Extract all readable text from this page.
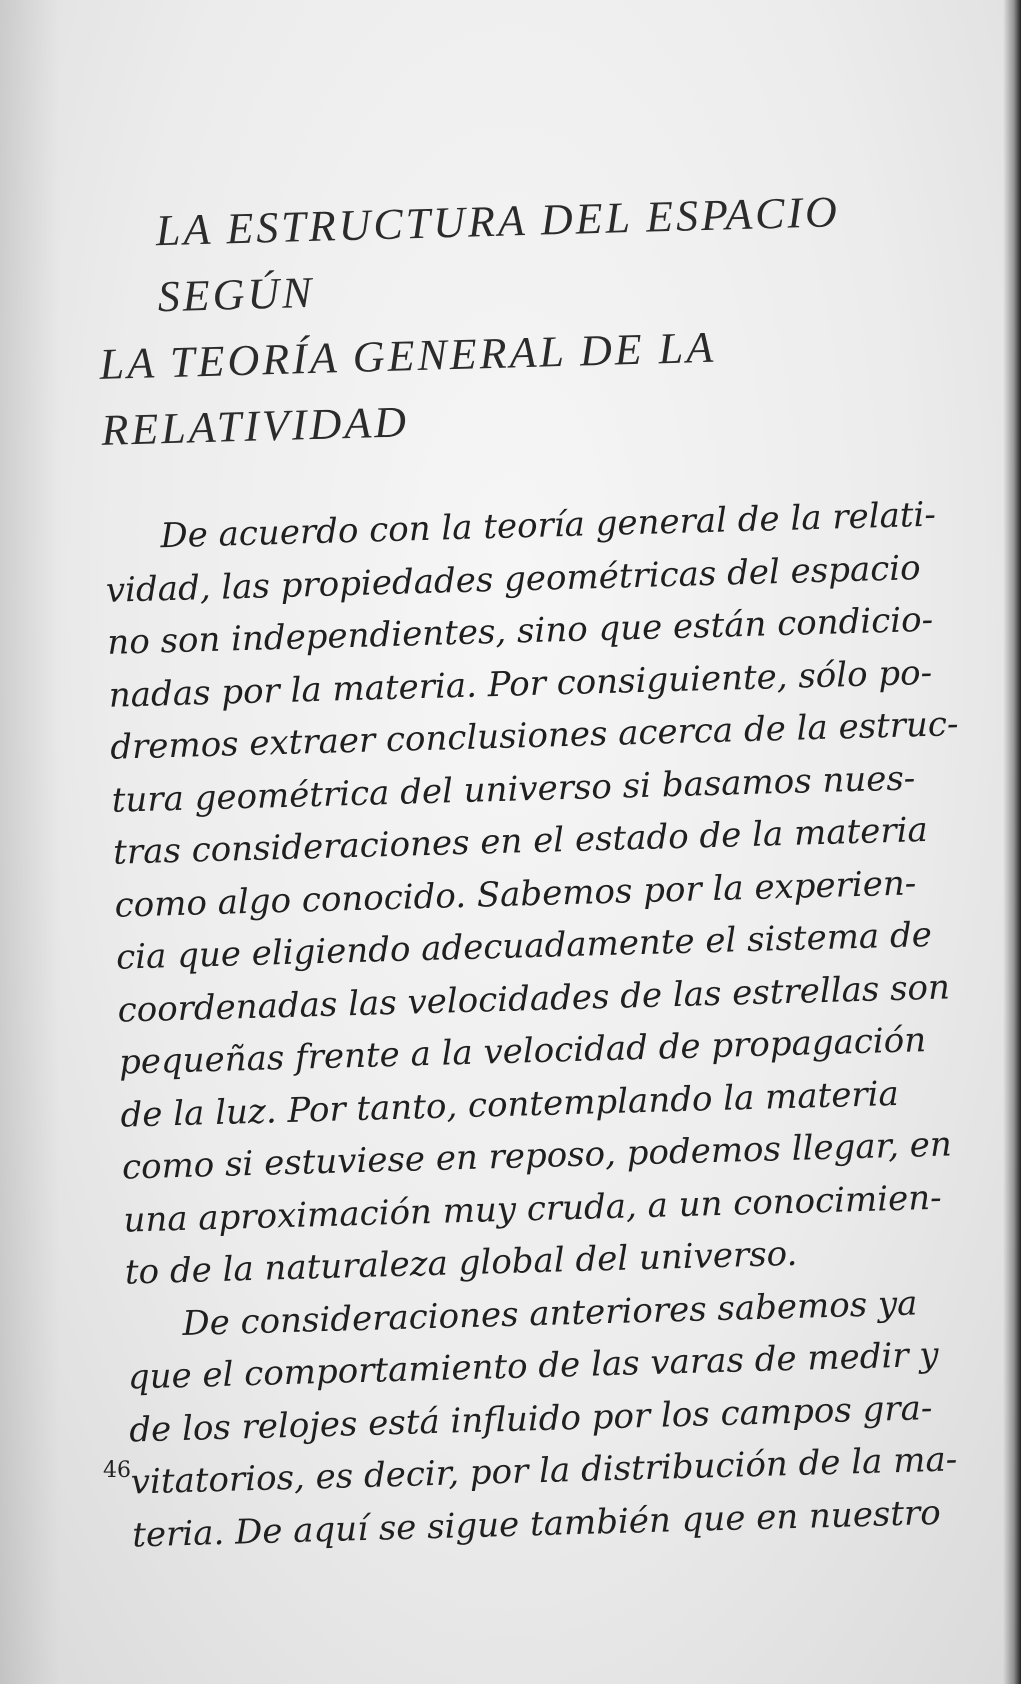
LA ESTRUCTURA DEL ESPACIO SEGÚN
LA TEORÍA GENERAL DE LA RELATIVIDAD
De acuerdo con la teoría general de la relati-
vidad, las propiedades geométricas del espacio
no son independientes, sino que están condicio-
nadas por la materia. Por consiguiente, sólo po-
dremos extraer conclusiones acerca de la estruc-
tura geométrica del universo si basamos nues-
tras consideraciones en el estado de la materia
como algo conocido. Sabemos por la experien-
cia que eligiendo adecuadamente el sistema de
coordenadas las velocidades de las estrellas son
pequeñas frente a la velocidad de propagación
de la luz. Por tanto, contemplando la materia
como si estuviese en reposo, podemos llegar, en
una aproximación muy cruda, a un conocimien-
to de la naturaleza global del universo.
De consideraciones anteriores sabemos ya
que el comportamiento de las varas de medir y
de los relojes está influido por los campos gra-
vitatorios, es decir, por la distribución de la ma-
teria. De aquí se sigue también que en nuestro
46
